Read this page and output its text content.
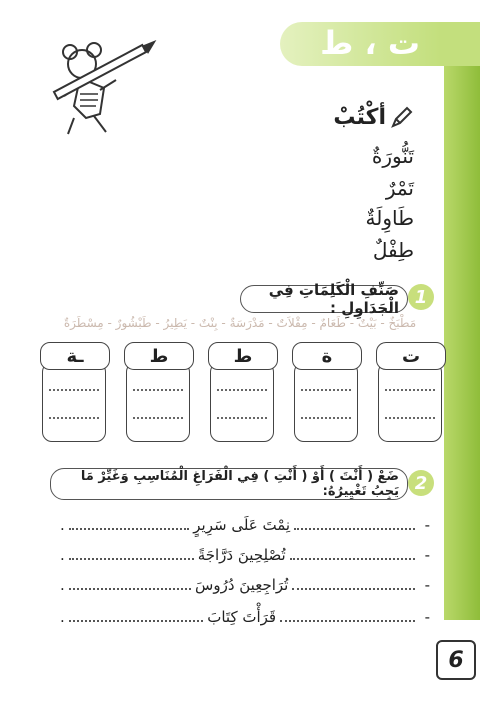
ت ، ط
أكْتُبْ
تَنُّورَةٌ
تَمْرٌ
طَاوِلَةٌ
طِفْلٌ
1
صَنِّفِ الْكَلِمَاتِ فِي الْجَدَاوِلِ :
مَطْبَخٌ - بَيْتٌ - طَعَامٌ - مِقْلاَتٌ - مَدْرَسَةٌ - بِنْتٌ - يَطِيرُ - طَبْشُورٌ - مِسْطَرَةٌ
ـة	ط	ط	ة	ت
2
ضَعْ ( أَنْتَ ) أَوْ ( أَنْتِ ) فِي الْفَرَاغِ الْمُنَاسِبِ وَغَيِّرْ مَا يَجِبُ تَغْيِيرُهُ:
-
نِمْتَ عَلَى سَرِيرٍ
.
-
تُصْلِحِينَ دَرَّاجَةً
.
-
تُرَاجِعِينَ دُرُوسَ
.
-
قَرَأْتَ كِتَابَ
.
6
